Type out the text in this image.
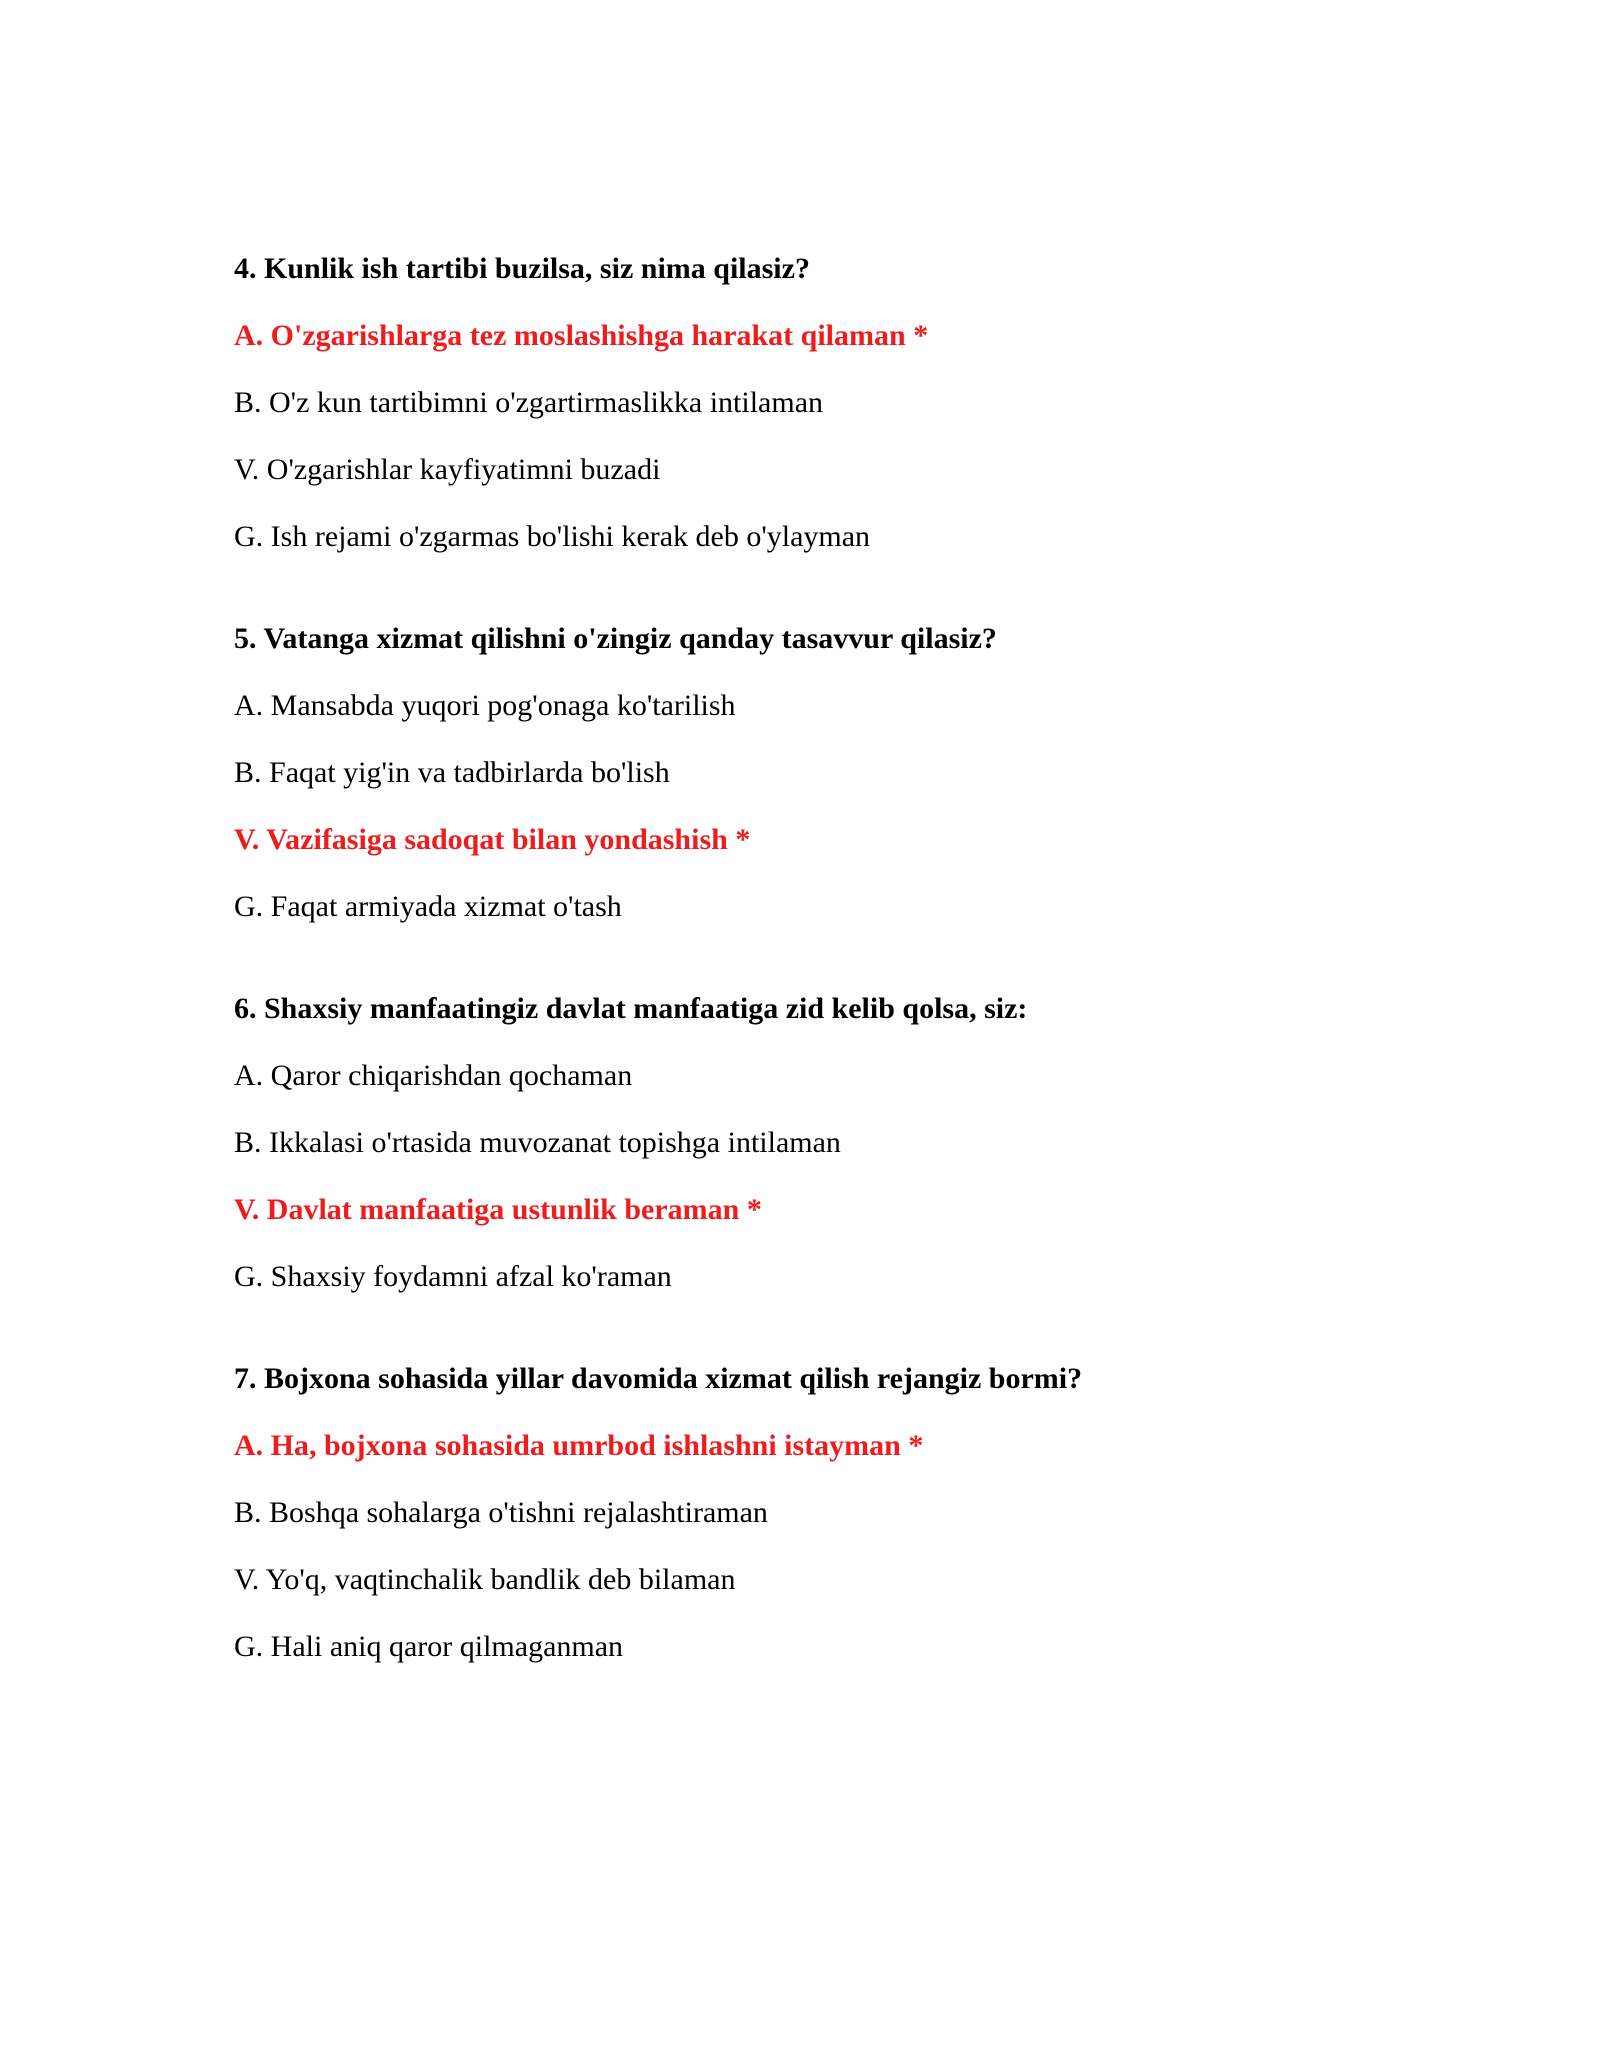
4. Kunlik ish tartibi buzilsa, siz nima qilasiz?

A. O'zgarishlarga tez moslashishga harakat qilaman *

B. O'z kun tartibimni o'zgartirmaslikka intilaman

V. O'zgarishlar kayfiyatimni buzadi

G. Ish rejami o'zgarmas bo'lishi kerak deb o'ylayman

5. Vatanga xizmat qilishni o'zingiz qanday tasavvur qilasiz?

A. Mansabda yuqori pog'onaga ko'tarilish

B. Faqat yig'in va tadbirlarda bo'lish

V. Vazifasiga sadoqat bilan yondashish *

G. Faqat armiyada xizmat o'tash

6. Shaxsiy manfaatingiz davlat manfaatiga zid kelib qolsa, siz:

A. Qaror chiqarishdan qochaman

B. Ikkalasi o'rtasida muvozanat topishga intilaman

V. Davlat manfaatiga ustunlik beraman *

G. Shaxsiy foydamni afzal ko'raman

7. Bojxona sohasida yillar davomida xizmat qilish rejangiz bormi?

A. Ha, bojxona sohasida umrbod ishlashni istayman *

B. Boshqa sohalarga o'tishni rejalashtiraman

V. Yo'q, vaqtinchalik bandlik deb bilaman

G. Hali aniq qaror qilmaganman
